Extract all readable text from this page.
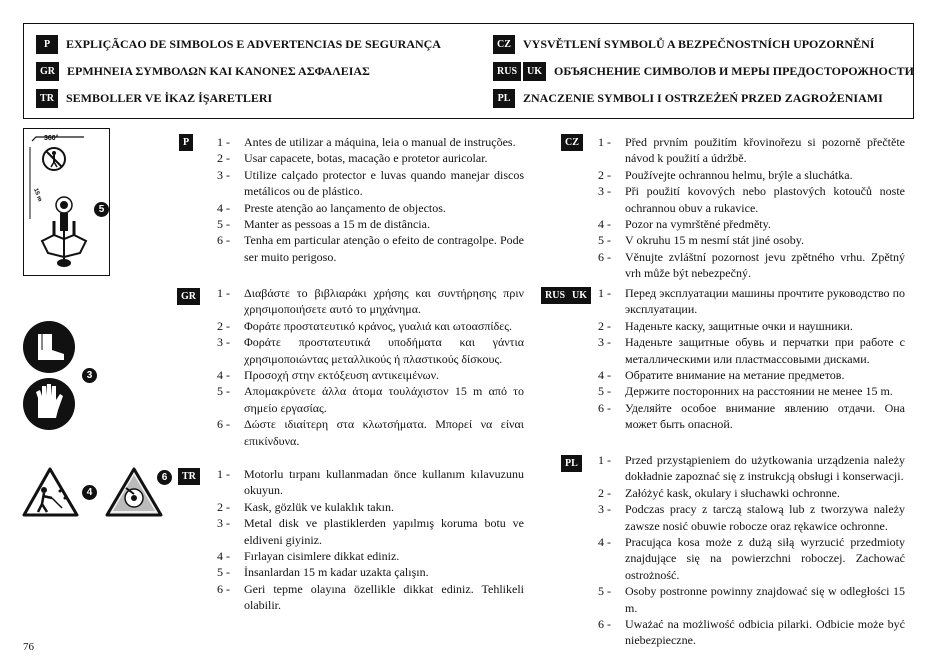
P	EXPLIÇÃCAO DE SIMBOLOS E ADVERTENCIAS DE SEGURANÇA
GR	ΕΡΜΗΝΕΙΑ ΣΥΜΒΟΛΩΝ ΚΑΙ ΚΑΝΟΝΕΣ ΑΣΦΑΛΕΙΑΣ
TR	SEMBOLLER VE İKAZ İŞARETLERI
CZ	VYSVĚTLENÍ SYMBOLŮ A BEZPEČNOSTNÍCH UPOZORNĚNÍ
RUS	UK	ОБЪЯСНЕНИЕ СИМВОЛОВ И МЕРЫ ПРЕДОСТОРОЖНОСТИ
PL	ZNACZENIE SYMBOLI I OSTRZEŻEŃ PRZED ZAGROŻENIAMI
360°
15 m
5
3
4
6
P
GR
TR
CZ
RUS UK
PL
1 -	Antes de utilizar a máquina, leia o manual de instruções.
2 -	Usar capacete, botas, macação e protetor auricolar.
3 -	Utilize calçado protector e luvas quando manejar discos metálicos ou de plástico.
4 -	Preste atenção ao lançamento de objectos.
5 -	Manter as pessoas a 15 m de distância.
6 -	Tenha em particular atenção o efeito de contragolpe. Pode ser muito perigoso.
1 -	Διαβάστε το βιβλιαράκι χρήσης και συντήρησης πριν χρησιμοποιήσετε αυτό το μηχάνημα.
2 -	Φοράτε προστατευτικό κράνος, γυαλιά και ωτοασπίδες.
3 -	Φοράτε προστατευτικά υποδήματα και γάντια χρησιμοποιώντας μεταλλικούς ή πλαστικούς δίσκους.
4 -	Προσοχή στην εκτόξευση αντικειμένων.
5 -	Απομακρύνετε άλλα άτομα τουλάχιστον 15 m από το σημείο εργασίας.
6 -	Δώστε ιδιαίτερη στα κλωτσήματα. Μπορεί να είναι επικίνδυνα.
1 -	Motorlu tırpanı kullanmadan önce kullanım kılavuzunu okuyun.
2 -	Kask, gözlük ve kulaklık takın.
3 -	Metal disk ve plastiklerden yapılmış koruma botu ve eldiveni giyiniz.
4 -	Fırlayan cisimlere dikkat ediniz.
5 -	İnsanlardan 15 m kadar uzakta çalışın.
6 -	Geri tepme olayına özellikle dikkat ediniz. Tehlikeli olabilir.
1 -	Před prvním použitím křovinořezu si pozorně přečtěte návod k použití a údržbě.
2 -	Používejte ochrannou helmu, brýle a sluchátka.
3 -	Při použití kovových nebo plastových kotoučů noste ochrannou obuv a rukavice.
4 -	Pozor na vymrštěné předměty.
5 -	V okruhu 15 m nesmí stát jiné osoby.
6 -	Věnujte zvláštní pozornost jevu zpětného vrhu. Zpětný vrh může být nebezpečný.
1 -	Перед эксплуатации машины прочтите руководство по эксплуатации.
2 -	Наденьте каску, защитные очки и наушники.
3 -	Наденьте защитные обувь и перчатки при работе с металлическими или пластмассовыми дисками.
4 -	Обратите внимание на метание предметов.
5 -	Держите посторонних на расстоянии не менее 15 m.
6 -	Уделяйте особое внимание явлению отдачи. Она может быть опасной.
1 -	Przed przystąpieniem do użytkowania urządzenia należy dokładnie zapoznać się z instrukcją obsługi i konserwacji.
2 -	Załóżyć kask, okulary i słuchawki ochronne.
3 -	Podczas pracy z tarczą stalową lub z tworzywa należy zawsze nosić obuwie robocze oraz rękawice ochronne.
4 -	Pracująca kosa może z dużą siłą wyrzucić przedmioty znajdujące się na powierzchni roboczej. Zachować ostrożność.
5 -	Osoby postronne powinny znajdować się w odległości 15 m.
6 -	Uważać na możliwość odbicia pilarki. Odbicie może być niebezpieczne.
76
